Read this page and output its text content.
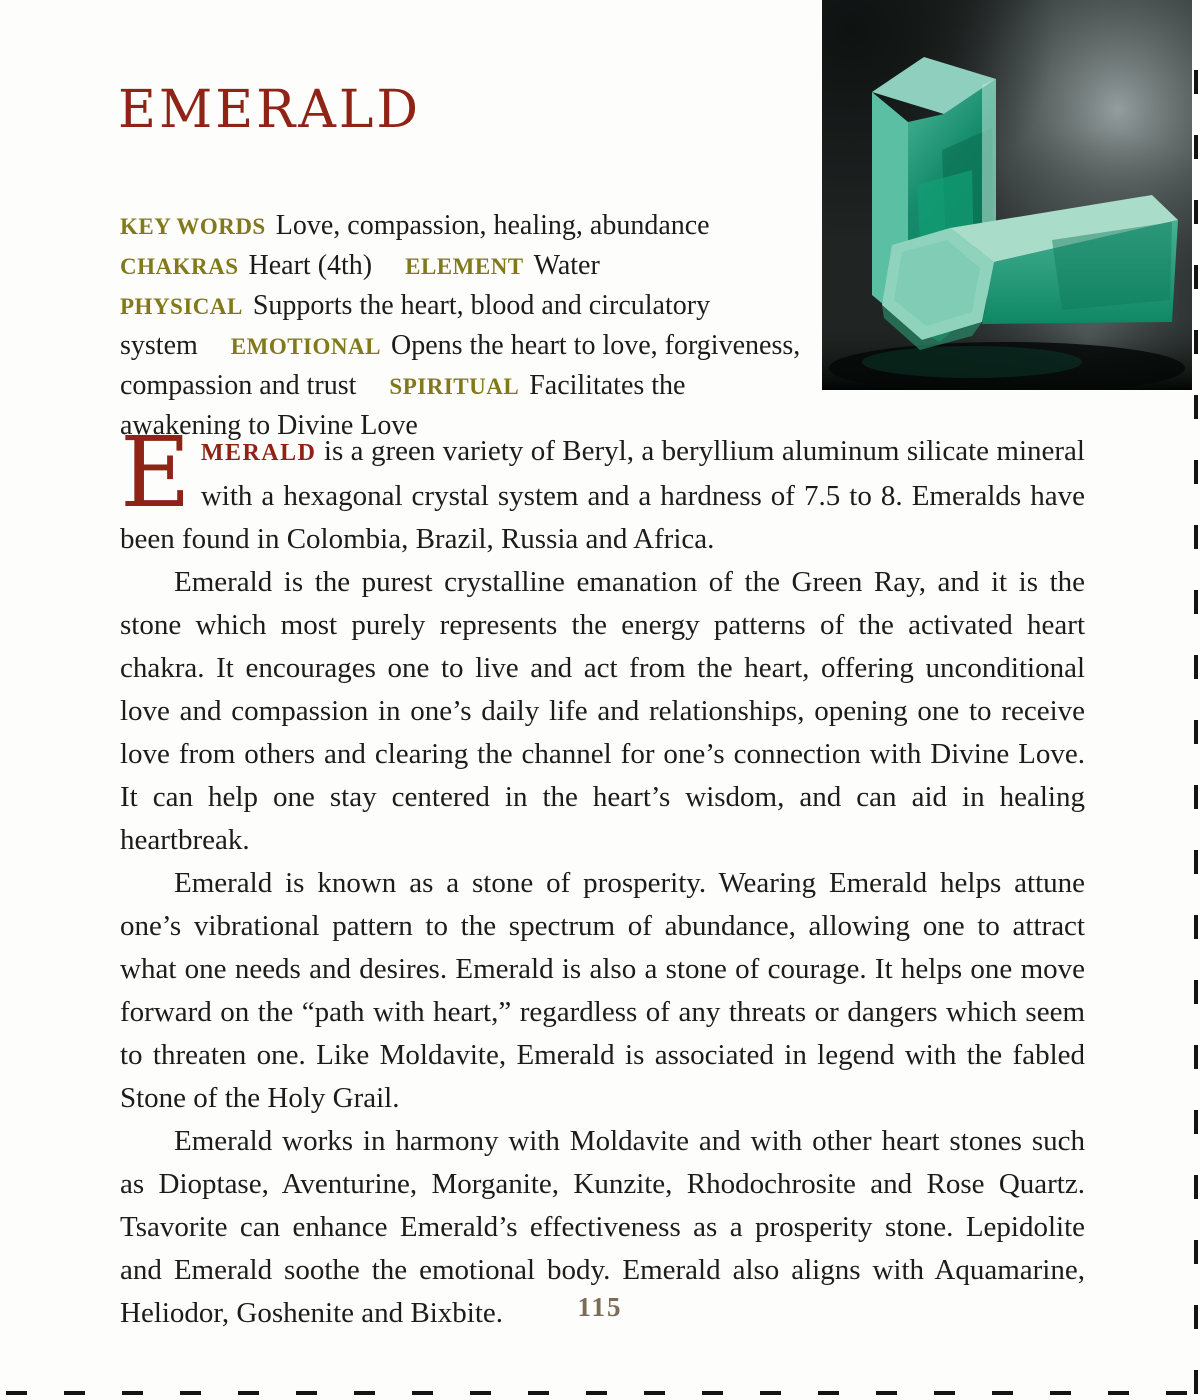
EMERALD

KEY WORDS Love, compassion, healing, abundance CHAKRAS Heart (4th) ELEMENT Water PHYSICAL Supports the heart, blood and circulatory system EMOTIONAL Opens the heart to love, forgiveness, compassion and trust SPIRITUAL Facilitates the awakening to Divine Love

EMERALD is a green variety of Beryl, a beryllium aluminum silicate mineral with a hexagonal crystal system and a hardness of 7.5 to 8. Emeralds have been found in Colombia, Brazil, Russia and Africa.

Emerald is the purest crystalline emanation of the Green Ray, and it is the stone which most purely represents the energy patterns of the activated heart chakra. It encourages one to live and act from the heart, offering unconditional love and compassion in one’s daily life and relationships, opening one to receive love from others and clearing the channel for one’s connection with Divine Love. It can help one stay centered in the heart’s wisdom, and can aid in healing heartbreak.

Emerald is known as a stone of prosperity. Wearing Emerald helps attune one’s vibrational pattern to the spectrum of abundance, allowing one to attract what one needs and desires. Emerald is also a stone of courage. It helps one move forward on the “path with heart,” regardless of any threats or dangers which seem to threaten one. Like Moldavite, Emerald is associated in legend with the fabled Stone of the Holy Grail.

Emerald works in harmony with Moldavite and with other heart stones such as Dioptase, Aventurine, Morganite, Kunzite, Rhodochrosite and Rose Quartz. Tsavorite can enhance Emerald’s effectiveness as a prosperity stone. Lepidolite and Emerald soothe the emotional body. Emerald also aligns with Aquamarine, Heliodor, Goshenite and Bixbite.	115
